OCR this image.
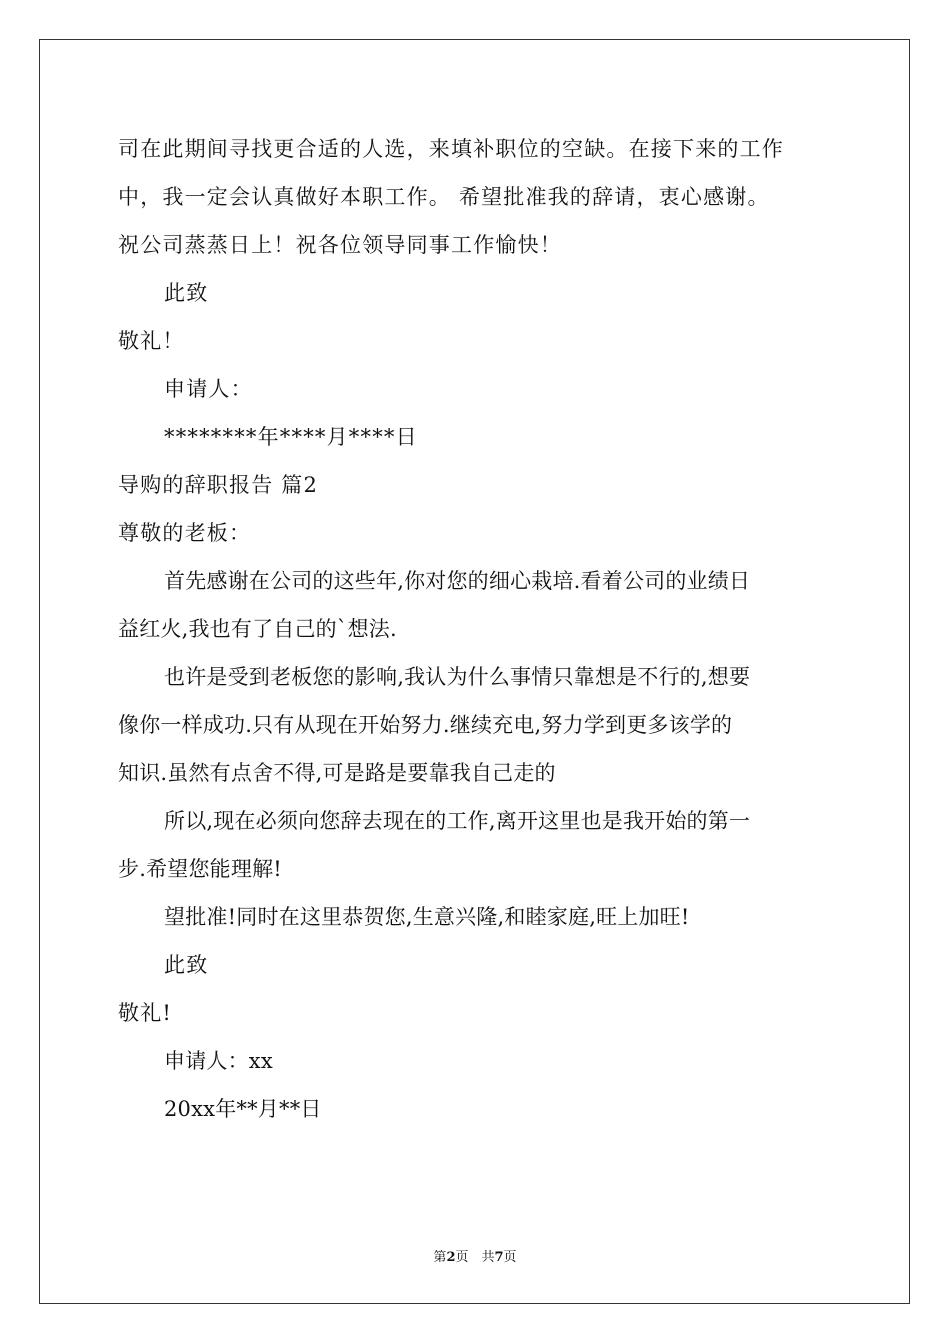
司在此期间寻找更合适的人选，来填补职位的空缺。在接下来的工作
中，我一定会认真做好本职工作。 希望批准我的辞请，衷心感谢。
祝公司蒸蒸日上！祝各位领导同事工作愉快！
此致
敬礼！
申请人：
********年****月****日
导购的辞职报告 篇2
尊敬的老板：
首先感谢在公司的这些年,你对您的细心栽培.看着公司的业绩日
益红火,我也有了自己的`想法.
也许是受到老板您的影响,我认为什么事情只靠想是不行的,想要
像你一样成功.只有从现在开始努力.继续充电,努力学到更多该学的
知识.虽然有点舍不得,可是路是要靠我自己走的
所以,现在必须向您辞去现在的工作,离开这里也是我开始的第一
步.希望您能理解!
望批准!同时在这里恭贺您,生意兴隆,和睦家庭,旺上加旺!
此致
敬礼!
申请人：xx
20xx年**月**日
第2页　共7页
